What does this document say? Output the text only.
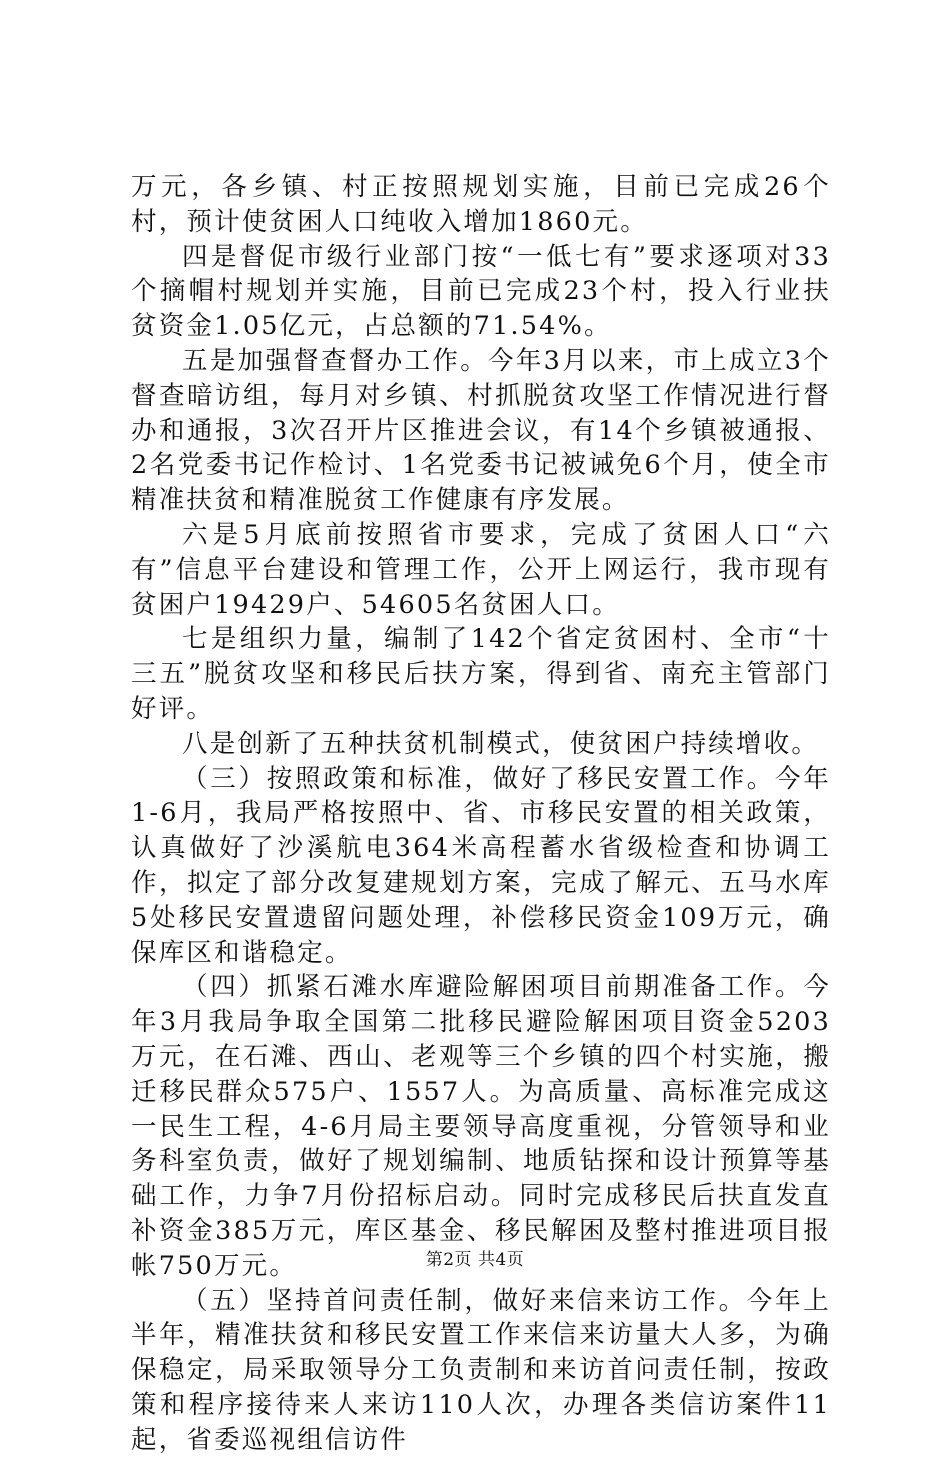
万元，各乡镇、村正按照规划实施，目前已完成26个村，预计使贫困人口纯收入增加1860元。

四是督促市级行业部门按“一低七有”要求逐项对33个摘帽村规划并实施，目前已完成23个村，投入行业扶贫资金1.05亿元，占总额的71.54%。

五是加强督查督办工作。今年3月以来，市上成立3个督查暗访组，每月对乡镇、村抓脱贫攻坚工作情况进行督办和通报，3次召开片区推进会议，有14个乡镇被通报、2名党委书记作检讨、1名党委书记被诫免6个月，使全市精准扶贫和精准脱贫工作健康有序发展。

六是5月底前按照省市要求，完成了贫困人口“六有”信息平台建设和管理工作，公开上网运行，我市现有贫困户19429户、54605名贫困人口。

七是组织力量，编制了142个省定贫困村、全市“十三五”脱贫攻坚和移民后扶方案，得到省、南充主管部门好评。

八是创新了五种扶贫机制模式，使贫困户持续增收。

（三）按照政策和标准，做好了移民安置工作。今年1-6月，我局严格按照中、省、市移民安置的相关政策，认真做好了沙溪航电364米高程蓄水省级检查和协调工作，拟定了部分改复建规划方案，完成了解元、五马水库5处移民安置遗留问题处理，补偿移民资金109万元，确保库区和谐稳定。

（四）抓紧石滩水库避险解困项目前期准备工作。今年3月我局争取全国第二批移民避险解困项目资金5203万元，在石滩、西山、老观等三个乡镇的四个村实施，搬迁移民群众575户、1557人。为高质量、高标准完成这一民生工程，4-6月局主要领导高度重视，分管领导和业务科室负责，做好了规划编制、地质钻探和设计预算等基础工作，力争7月份招标启动。同时完成移民后扶直发直补资金385万元，库区基金、移民解困及整村推进项目报帐750万元。

（五）坚持首问责任制，做好来信来访工作。今年上半年，精准扶贫和移民安置工作来信来访量大人多，为确保稳定，局采取领导分工负责制和来访首问责任制，按政策和程序接待来人来访110人次，办理各类信访案件11起，省委巡视组信访件

第2页 共4页
